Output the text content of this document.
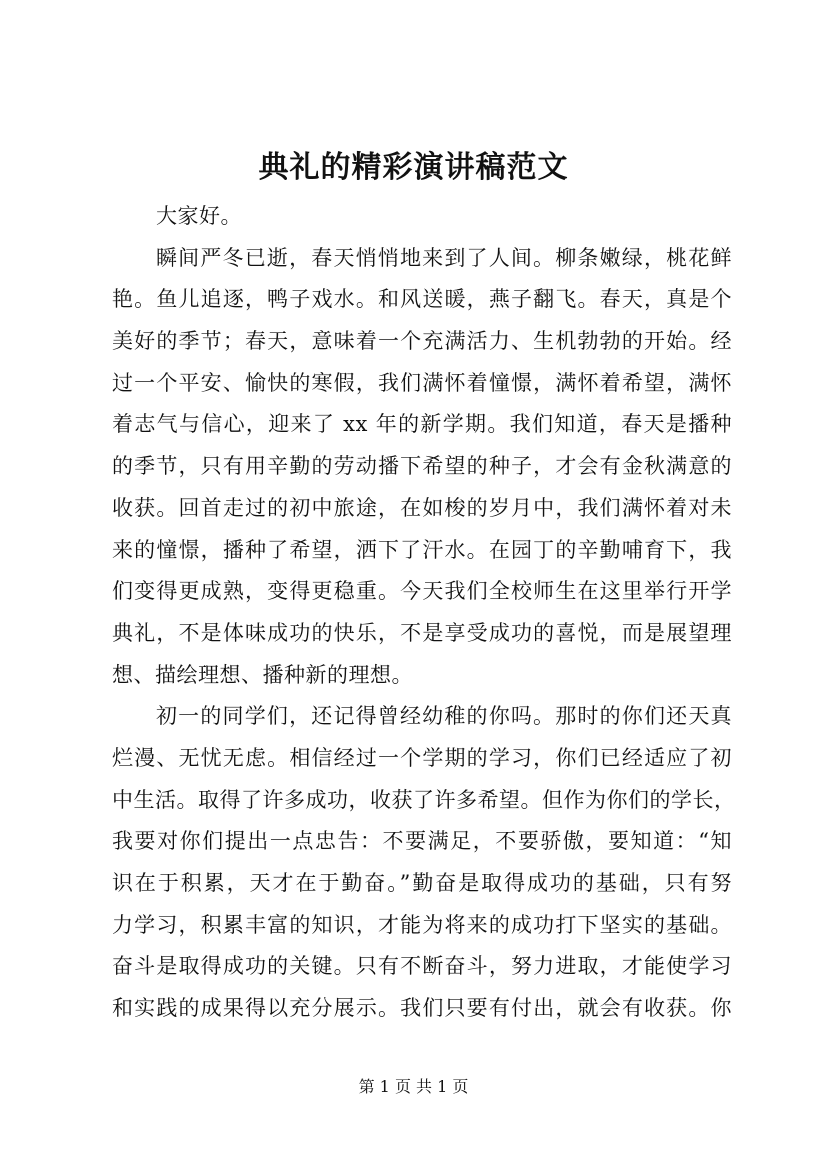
典礼的精彩演讲稿范文
大家好。
瞬间严冬已逝，春天悄悄地来到了人间。柳条嫩绿，桃花鲜
艳。鱼儿追逐，鸭子戏水。和风送暖，燕子翻飞。春天，真是个
美好的季节；春天，意味着一个充满活力、生机勃勃的开始。经
过一个平安、愉快的寒假，我们满怀着憧憬，满怀着希望，满怀
着志气与信心，迎来了 xx 年的新学期。我们知道，春天是播种
的季节，只有用辛勤的劳动播下希望的种子，才会有金秋满意的
收获。回首走过的初中旅途，在如梭的岁月中，我们满怀着对未
来的憧憬，播种了希望，洒下了汗水。在园丁的辛勤哺育下，我
们变得更成熟，变得更稳重。今天我们全校师生在这里举行开学
典礼，不是体味成功的快乐，不是享受成功的喜悦，而是展望理
想、描绘理想、播种新的理想。
初一的同学们，还记得曾经幼稚的你吗。那时的你们还天真
烂漫、无忧无虑。相信经过一个学期的学习，你们已经适应了初
中生活。取得了许多成功，收获了许多希望。但作为你们的学长，
我要对你们提出一点忠告：不要满足，不要骄傲，要知道：“知
识在于积累，天才在于勤奋。”勤奋是取得成功的基础，只有努
力学习，积累丰富的知识，才能为将来的成功打下坚实的基础。
奋斗是取得成功的关键。只有不断奋斗，努力进取，才能使学习
和实践的成果得以充分展示。我们只要有付出，就会有收获。你
第 1 页 共 1 页
